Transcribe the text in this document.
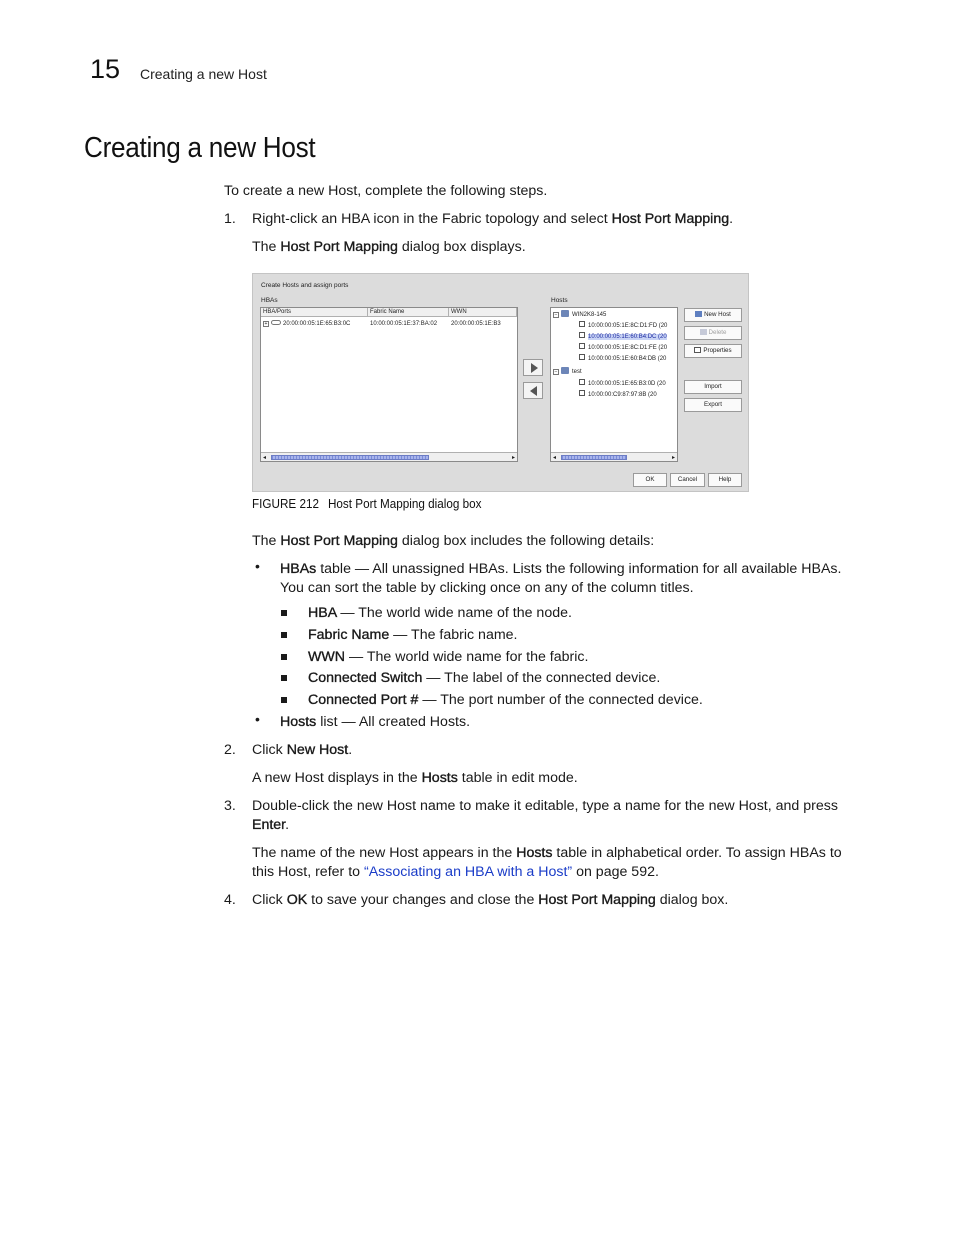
15 Creating a new Host
Creating a new Host
To create a new Host, complete the following steps.
1. Right-click an HBA icon in the Fabric topology and select Host Port Mapping.
The Host Port Mapping dialog box displays.
Create Hosts and assign ports
HBAs	Hosts
HBA/Ports	Fabric Name	WWN
+	20:00:00:05:1E:65:B3:0C	10:00:00:05:1E:37:BA:02	20:00:00:05:1E:B3
◂	▸
− WIN2K8-145
10:00:00:05:1E:8C:D1:FD (20
10:00:00:05:1E:60:B4:DC (20
10:00:00:05:1E:8C:D1:FE (20
10:00:00:05:1E:60:B4:DB (20
− test
10:00:00:05:1E:65:B3:0D (20
10:00:00:C9:87:97:8B (20
◂	▸
New Host
Delete
Properties
Import
Export
OK	Cancel	Help
FIGURE 212 Host Port Mapping dialog box
The Host Port Mapping dialog box includes the following details:
• HBAs table — All unassigned HBAs. Lists the following information for all available HBAs.
You can sort the table by clicking once on any of the column titles.
HBA — The world wide name of the node.
Fabric Name — The fabric name.
WWN — The world wide name for the fabric.
Connected Switch — The label of the connected device.
Connected Port # — The port number of the connected device.
• Hosts list — All created Hosts.
2. Click New Host.
A new Host displays in the Hosts table in edit mode.
3. Double-click the new Host name to make it editable, type a name for the new Host, and press
Enter.
The name of the new Host appears in the Hosts table in alphabetical order. To assign HBAs to
this Host, refer to “Associating an HBA with a Host” on page 592.
4. Click OK to save your changes and close the Host Port Mapping dialog box.
